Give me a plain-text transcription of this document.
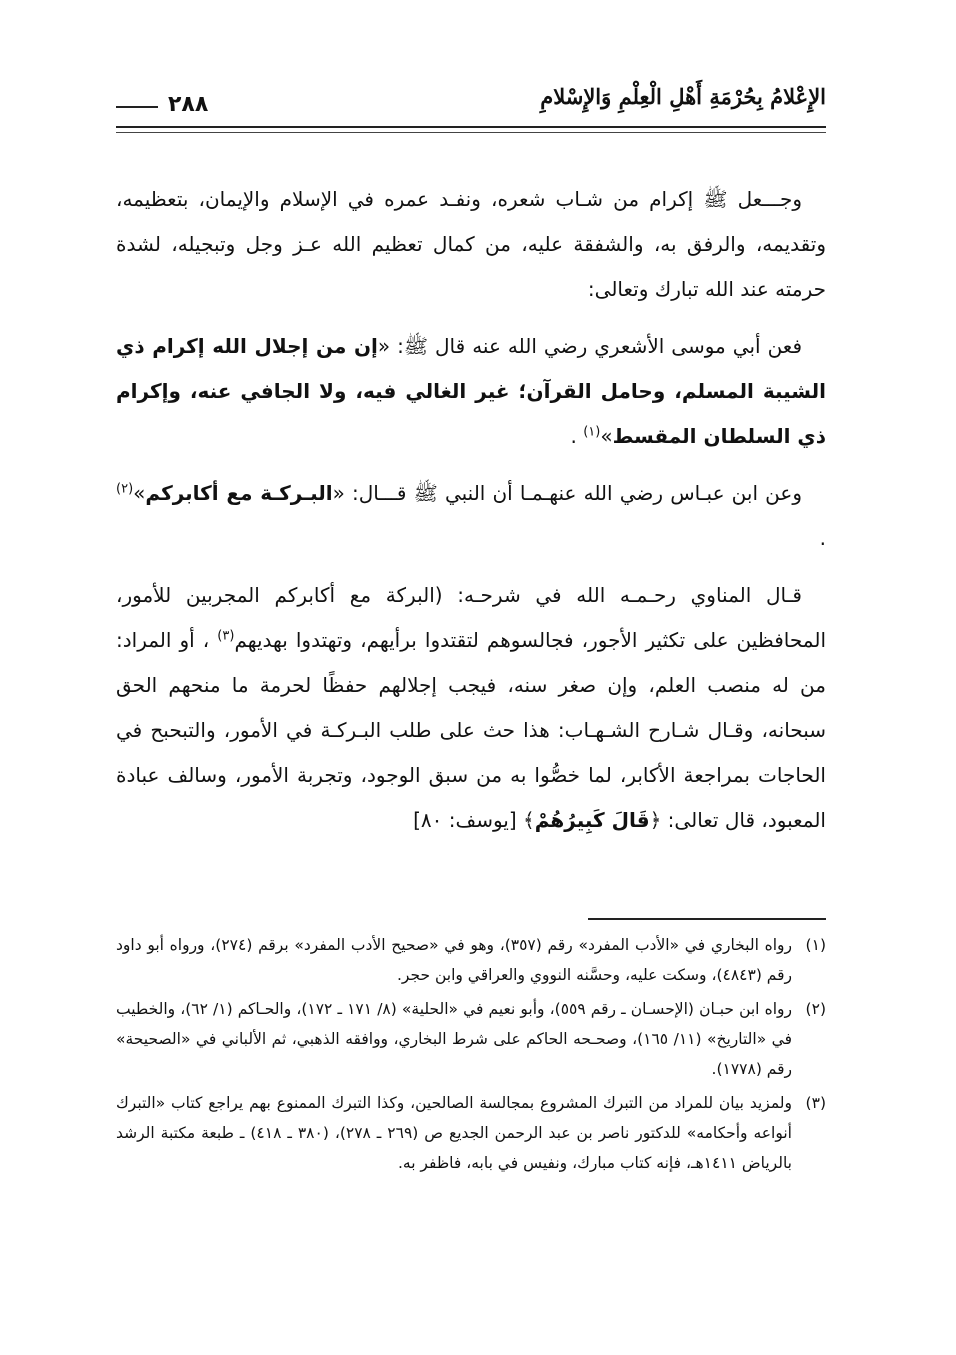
الإِعْلامُ بِحُرْمَةِ أَهْلِ الْعِلْمِ وَالإِسْلامِ
٢٨٨

وجـــعل ﷺ إكرام من شـاب شعره، ونفـد عمره في الإسلام والإيمان، بتعظيمه، وتقديمه، والرفق به، والشفقة عليه، من كمال تعظيم الله عـز وجل وتبجيله، لشدة حرمته عند الله تبارك وتعالى:

فعن أبي موسى الأشعري رضي الله عنه قال ﷺ: «إن من إجلال الله إكرام ذي الشيبة المسلم، وحامل القرآن؛ غير الغالي فيه، ولا الجافي عنه، وإكرام ذي السلطان المقسط»$^{(١)}$ .

وعن ابن عبـاس رضي الله عنهـمـا أن النبي ﷺ قـــال: «البـركـة مع أكابركم»$^{(٢)}$ .

قـال المناوي رحـمـه الله في شرحـه: (البركة مع أكابركم المجربين للأمور، المحافظين على تكثير الأجور، فجالسوهم لتقتدوا برأيهم، وتهتدوا بهديهم$^{(٣)}$ ، أو المراد: من له منصب العلم، وإن صغر سنه، فيجب إجلالهم حفظًا لحرمة ما منحهم الحق سبحانه، وقـال شـارح الشـهـاب: هذا حث على طلب البـركـة في الأمور، والتبحبح في الحاجات بمراجعة الأكابر، لما خصُّوا به من سبق الوجود، وتجربة الأمور، وسالف عبادة المعبود، قال تعالى: ﴿قَالَ كَبِيرُهُمْ﴾ [يوسف: ٨٠]

(١)
رواه البخاري في «الأدب المفرد» رقم (٣٥٧)، وهو في «صحيح الأدب المفرد» برقم (٢٧٤)، ورواه أبو داود رقم (٤٨٤٣)، وسكت عليه، وحسَّنه النووي والعراقي وابن حجر.
(٢)
رواه ابن حبـان (الإحسـان ـ رقم ٥٥٩)، وأبو نعيم في «الحلية» (٨/ ١٧١ ـ ١٧٢)، والحـاكم (١/ ٦٢)، والخطيب في «التاريخ» (١١/ ١٦٥)، وصحـحه الحاكم على شرط البخاري، ووافقه الذهبي، ثم الألباني في «الصحيحة» رقم (١٧٧٨).
(٣)
ولمزيد بيان للمراد من التبرك المشروع بمجالسة الصالحين، وكذا التبرك الممنوع بهم يراجع كتاب «التبرك أنواعه وأحكامه» للدكتور ناصر بن عبد الرحمن الجديع ص (٢٦٩ ـ ٢٧٨)، (٣٨٠ ـ ٤١٨) ـ طبعة مكتبة الرشد بالرياض ١٤١١هـ، فإنه كتاب مبارك، ونفيس في بابه، فاظفر به.
